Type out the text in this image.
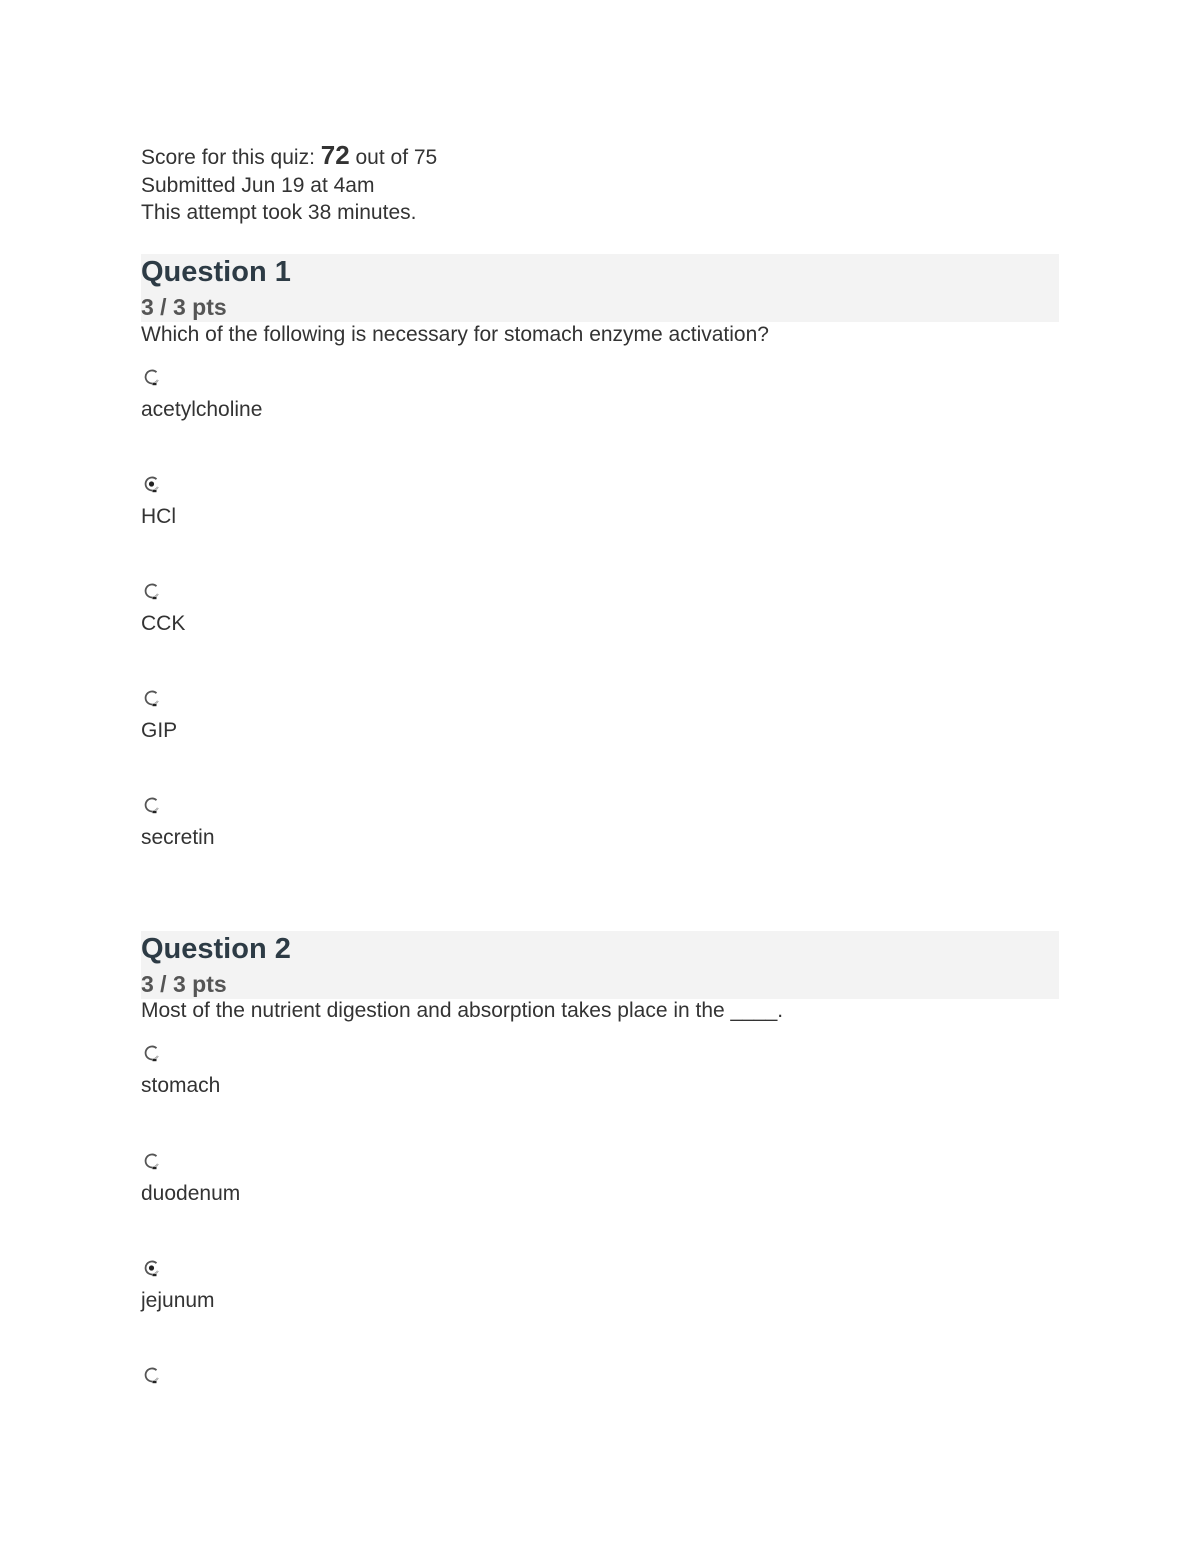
Score for this quiz: 72 out of 75
Submitted Jun 19 at 4am
This attempt took 38 minutes.
Question 1
3 / 3 pts
Which of the following is necessary for stomach enzyme activation?
acetylcholine
HCl
CCK
GIP
secretin
Question 2
3 / 3 pts
Most of the nutrient digestion and absorption takes place in the ____.
stomach
duodenum
jejunum
